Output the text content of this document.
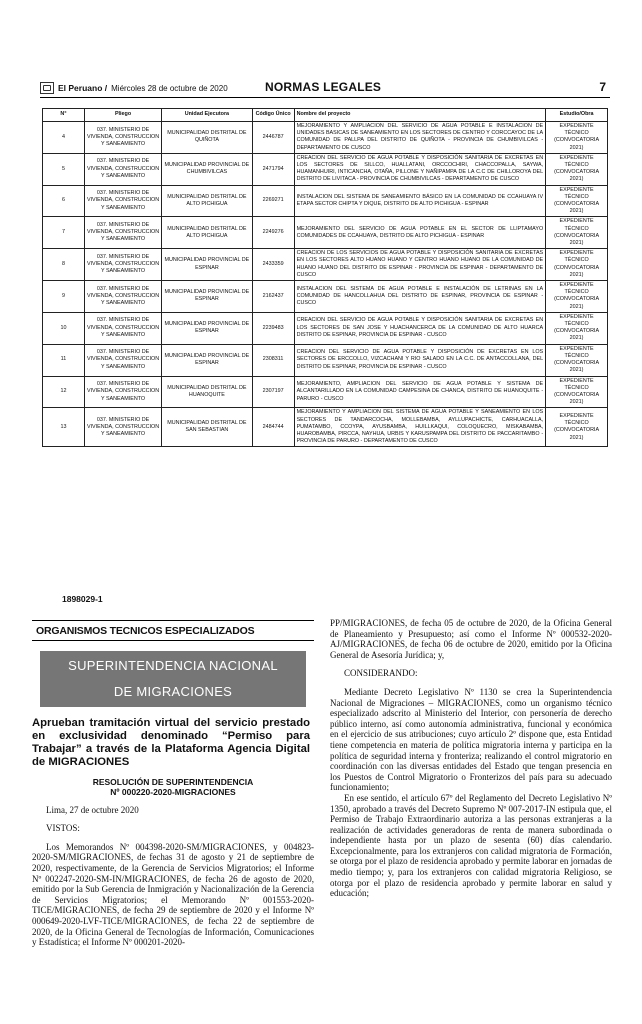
El Peruano / Miércoles 28 de octubre de 2020	NORMAS LEGALES	7
N°	Pliego	Unidad Ejecutora	Código Único	Nombre del proyecto	Estudio/Obra
4	037. MINISTERIO DE VIVIENDA, CONSTRUCCION Y SANEAMIENTO	MUNICIPALIDAD DISTRITAL DE QUIÑOTA	2446787	MEJORAMIENTO Y AMPLIACION DEL SERVICIO DE AGUA POTABLE E INSTALACION DE UNIDADES BASICAS DE SANEAMIENTO EN LOS SECTORES DE CENTRO Y CORCCAYOC DE LA COMUNIDAD DE PALLPA DEL DISTRITO DE QUIÑOTA - PROVINCIA DE CHUMBIVILCAS - DEPARTAMENTO DE CUSCO	EXPEDIENTE TÉCNICO (CONVOCATORIA 2021)
5	037. MINISTERIO DE VIVIENDA, CONSTRUCCION Y SANEAMIENTO	MUNICIPALIDAD PROVINCIAL DE CHUMBIVILCAS	2471794	CREACION DEL SERVICIO DE AGUA POTABLE Y DISPOSICIÓN SANITARIA DE EXCRETAS EN LOS SECTORES DE SILLCO, HUALLATANI, ORCCOCHIRI, CHACCOPALLA, SAYWA, HUAMANHUIRI, INTICANCHA, OTAÑA, PILLONE Y NAÑIPAMPA DE LA C.C DE CHILLOROYA DEL DISTRITO DE LIVITACA - PROVINCIA DE CHUMBIVILCAS - DEPARTAMENTO DE CUSCO	EXPEDIENTE TÉCNICO (CONVOCATORIA 2021)
6	037. MINISTERIO DE VIVIENDA, CONSTRUCCION Y SANEAMIENTO	MUNICIPALIDAD DISTRITAL DE ALTO PICHIGUA	2269271	INSTALACION DEL SISTEMA DE SANEAMIENTO BÁSICO EN LA COMUNIDAD DE CCAHUAYA IV ETAPA SECTOR CHIPTA Y DIQUE, DISTRITO DE ALTO PICHIGUA - ESPINAR	EXPEDIENTE TÉCNICO (CONVOCATORIA 2021)
7	037. MINISTERIO DE VIVIENDA, CONSTRUCCION Y SANEAMIENTO	MUNICIPALIDAD DISTRITAL DE ALTO PICHIGUA	2249276	MEJORAMIENTO DEL SERVICIO DE AGUA POTABLE EN EL SECTOR DE LLIPTAMAYO COMUNIDADES DE CCAHUAYA, DISTRITO DE ALTO PICHIGUA - ESPINAR	EXPEDIENTE TÉCNICO (CONVOCATORIA 2021)
8	037. MINISTERIO DE VIVIENDA, CONSTRUCCION Y SANEAMIENTO	MUNICIPALIDAD PROVINCIAL DE ESPINAR	2433359	CREACION DE LOS SERVICIOS DE AGUA POTABLE Y DISPOSICIÓN SANITARIA DE EXCRETAS EN LOS SECTORES ALTO HUANO HUANO Y CENTRO HUANO HUANO DE LA COMUNIDAD DE HUANO HUANO DEL DISTRITO DE ESPINAR - PROVINCIA DE ESPINAR - DEPARTAMENTO DE CUSCO	EXPEDIENTE TÉCNICO (CONVOCATORIA 2021)
9	037. MINISTERIO DE VIVIENDA, CONSTRUCCION Y SANEAMIENTO	MUNICIPALIDAD PROVINCIAL DE ESPINAR	2162437	INSTALACION DEL SISTEMA DE AGUA POTABLE E INSTALACIÓN DE LETRINAS EN LA COMUNIDAD DE HANCOLLAHUA DEL DISTRITO DE ESPINAR, PROVINCIA DE ESPINAR - CUSCO	EXPEDIENTE TÉCNICO (CONVOCATORIA 2021)
10	037. MINISTERIO DE VIVIENDA, CONSTRUCCION Y SANEAMIENTO	MUNICIPALIDAD PROVINCIAL DE ESPINAR	2239483	CREACION DEL SERVICIO DE AGUA POTABLE Y DISPOSICIÓN SANITARIA DE EXCRETAS EN LOS SECTORES DE SAN JOSE Y HUACHANCERCA DE LA COMUNIDAD DE ALTO HUARCA DISTRITO DE ESPINAR, PROVINCIA DE ESPINAR - CUSCO	EXPEDIENTE TÉCNICO (CONVOCATORIA 2021)
11	037. MINISTERIO DE VIVIENDA, CONSTRUCCION Y SANEAMIENTO	MUNICIPALIDAD PROVINCIAL DE ESPINAR	2308311	CREACION DEL SERVICIO DE AGUA POTABLE Y DISPOSICIÓN DE EXCRETAS EN LOS SECTORES DE ERCCOLLO, VIZCACHANI Y RIO SALADO EN LA C.C. DE ANTACCOLLANA, DEL DISTRITO DE ESPINAR, PROVINCIA DE ESPINAR - CUSCO	EXPEDIENTE TÉCNICO (CONVOCATORIA 2021)
12	037. MINISTERIO DE VIVIENDA, CONSTRUCCION Y SANEAMIENTO	MUNICIPALIDAD DISTRITAL DE HUANOQUITE	2307197	MEJORAMIENTO, AMPLIACION DEL SERVICIO DE AGUA POTABLE Y SISTEMA DE ALCANTARILLADO EN LA COMUNIDAD CAMPESINA DE CHANCA, DISTRITO DE HUANOQUITE - PARURO - CUSCO	EXPEDIENTE TÉCNICO (CONVOCATORIA 2021)
13	037. MINISTERIO DE VIVIENDA, CONSTRUCCION Y SANEAMIENTO	MUNICIPALIDAD DISTRITAL DE SAN SEBASTIAN	2484744	MEJORAMIENTO Y AMPLIACION DEL SISTEMA DE AGUA POTABLE Y SANEAMIENTO EN LOS SECTORES DE TANDARCOCHA, MOLLEBAMBA, AYLLUPACHICTE, CARHUACALLA, PUMATAMBO, CCOYPA, AYUSBAMBA, HUILLKAQUI, COLOQUECRO, MISKABAMBA, HUAROBAMBA, PIRCCA, NAYHUA, URBIS Y KARUSPAMPA DEL DISTRITO DE PACCARITAMBO - PROVINCIA DE PARURO - DEPARTAMENTO DE CUSCO	EXPEDIENTE TÉCNICO (CONVOCATORIA 2021)
1898029-1
ORGANISMOS TECNICOS ESPECIALIZADOS
SUPERINTENDENCIA NACIONAL
DE MIGRACIONES
Aprueban tramitación virtual del servicio prestado en exclusividad denominado “Permiso para Trabajar” a través de la Plataforma Agencia Digital de MIGRACIONES
RESOLUCIÓN DE SUPERINTENDENCIA
Nº 000220-2020-MIGRACIONES

Lima, 27 de octubre 2020

VISTOS:

Los Memorandos Nº 004398-2020-SM/MIGRACIONES, y 004823-2020-SM/MIGRACIONES, de fechas 31 de agosto y 21 de septiembre de 2020, respectivamente, de la Gerencia de Servicios Migratorios; el Informe Nº 002247-2020-SM-IN/MIGRACIONES, de fecha 26 de agosto de 2020, emitido por la Sub Gerencia de Inmigración y Nacionalización de la Gerencia de Servicios Migratorios; el Memorando Nº 001553-2020-TICE/MIGRACIONES, de fecha 29 de septiembre de 2020 y el Informe Nº 000649-2020-LVF-TICE/MIGRACIONES, de fecha 22 de septiembre de 2020, de la Oficina General de Tecnologías de Información, Comunicaciones y Estadística; el Informe Nº 000201-2020-

PP/MIGRACIONES, de fecha 05 de octubre de 2020, de la Oficina General de Planeamiento y Presupuesto; así como el Informe Nº 000532-2020-AJ/MIGRACIONES, de fecha 06 de octubre de 2020, emitido por la Oficina General de Asesoría Jurídica; y,

CONSIDERANDO:

Mediante Decreto Legislativo Nº 1130 se crea la Superintendencia Nacional de Migraciones – MIGRACIONES, como un organismo técnico especializado adscrito al Ministerio del Interior, con personería de derecho público interno, así como autonomía administrativa, funcional y económica en el ejercicio de sus atribuciones; cuyo artículo 2º dispone que, esta Entidad tiene competencia en materia de política migratoria interna y participa en la política de seguridad interna y fronteriza; realizando el control migratorio en coordinación con las diversas entidades del Estado que tengan presencia en los Puestos de Control Migratorio o Fronterizos del país para su adecuado funcionamiento;

En ese sentido, el artículo 67º del Reglamento del Decreto Legislativo Nº 1350, aprobado a través del Decreto Supremo Nº 007-2017-IN estipula que, el Permiso de Trabajo Extraordinario autoriza a las personas extranjeras a la realización de actividades generadoras de renta de manera subordinada o independiente hasta por un plazo de sesenta (60) días calendario. Excepcionalmente, para los extranjeros con calidad migratoria de Formación, se otorga por el plazo de residencia aprobado y permite laborar en jornadas de medio tiempo; y, para los extranjeros con calidad migratoria Religioso, se otorga por el plazo de residencia aprobado y permite laborar en salud y educación;
